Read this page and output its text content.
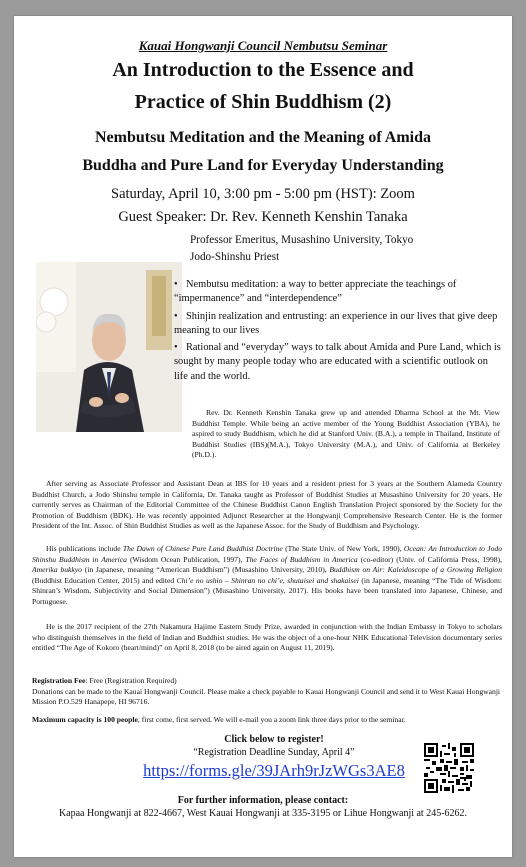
Kauai Hongwanji Council Nembutsu Seminar
An Introduction to the Essence and
Practice of Shin Buddhism (2)
Nembutsu Meditation and the Meaning of Amida
Buddha and Pure Land for Everyday Understanding
Saturday, April 10, 3:00 pm - 5:00 pm (HST): Zoom
Guest Speaker: Dr. Rev. Kenneth Kenshin Tanaka
Professor Emeritus, Musashino University, Tokyo
Jodo-Shinshu Priest
• Nembutsu meditation: a way to better appreciate the teachings of “impermanence” and “interdependence”
• Shinjin realization and entrusting: an experience in our lives that give deep meaning to our lives
• Rational and “everyday” ways to talk about Amida and Pure Land, which is sought by many people today who are educated with a scientific outlook on life and the world.
Rev. Dr. Kenneth Kenshin Tanaka grew up and attended Dharma School at the Mt. View Buddhist Temple. While being an active member of the Young Buddhist Association (YBA), he aspired to study Buddhism, which he did at Stanford Univ. (B.A.), a temple in Thailand, Institute of Buddhist Studies (IBS)(M.A.), Tokyo University (M.A.), and Univ. of California at Berkeley (Ph.D.).
After serving as Associate Professor and Assistant Dean at IBS for 10 years and a resident priest for 3 years at the Southern Alameda Country Buddhist Church, a Jodo Shinshu temple in California, Dr. Tanaka taught as Professor of Buddhist Studies at Musashino University for 20 years. He currently serves as Chairman of the Editorial Committee of the Chinese Buddhist Canon English Translation Project sponsored by the Society for the Promotion of Buddhism (BDK). He was recently appointed Adjunct Researcher at the Hongwanji Comprehensive Research Center. He is the former President of the Int. Assoc. of Shin Buddhist Studies as well as the Japanese Assoc. for the Study of Buddhism and Psychology.
His publications include The Dawn of Chinese Pure Land Buddhist Doctrine (The State Univ. of New York, 1990), Ocean: An Introduction to Jodo Shinshu Buddhism in America (Wisdom Ocean Publication, 1997), The Faces of Buddhism in America (co-editor) (Univ. of California Press, 1998), Amerika bukkyo (in Japanese, meaning “American Buddhism”) (Musashino University, 2010), Buddhism on Air: Kaleidoscope of a Growing Religion (Buddhist Education Center, 2015) and edited Chi’e no ushio – Shinran no chi’e, shutaisei and shakaisei (in Japanese, meaning “The Tide of Wisdom: Shinran’s Wisdom, Subjectivity and Social Dimension”) (Musashino University, 2017). His books have been translated into Japanese, Chinese, and Portuguese.
He is the 2017 recipient of the 27th Nakamura Hajime Eastern Study Prize, awarded in conjunction with the Indian Embassy in Tokyo to scholars who distinguish themselves in the field of Indian and Buddhist studies. He was the object of a one-hour NHK Educational Television documentary series entitled “The Age of Kokoro (heart/mind)” on April 8, 2018 (to be aired again on August 11, 2019).
Registration Fee: Free (Registration Required)
Donations can be made to the Kauai Hongwanji Council. Please make a check payable to Kauai Hongwanji Council and send it to West Kauai Hongwanji Mission P.O.529 Hanapepe, HI 96716.
Maximum capacity is 100 people, first come, first served. We will e-mail you a zoom link three days prior to the seminar.
Click below to register!
“Registration Deadline Sunday, April 4”
https://forms.gle/39JArh9rJzWGs3AE8
For further information, please contact:
Kapaa Hongwanji at 822-4667, West Kauai Hongwanji at 335-3195 or Lihue Hongwanji at 245-6262.
